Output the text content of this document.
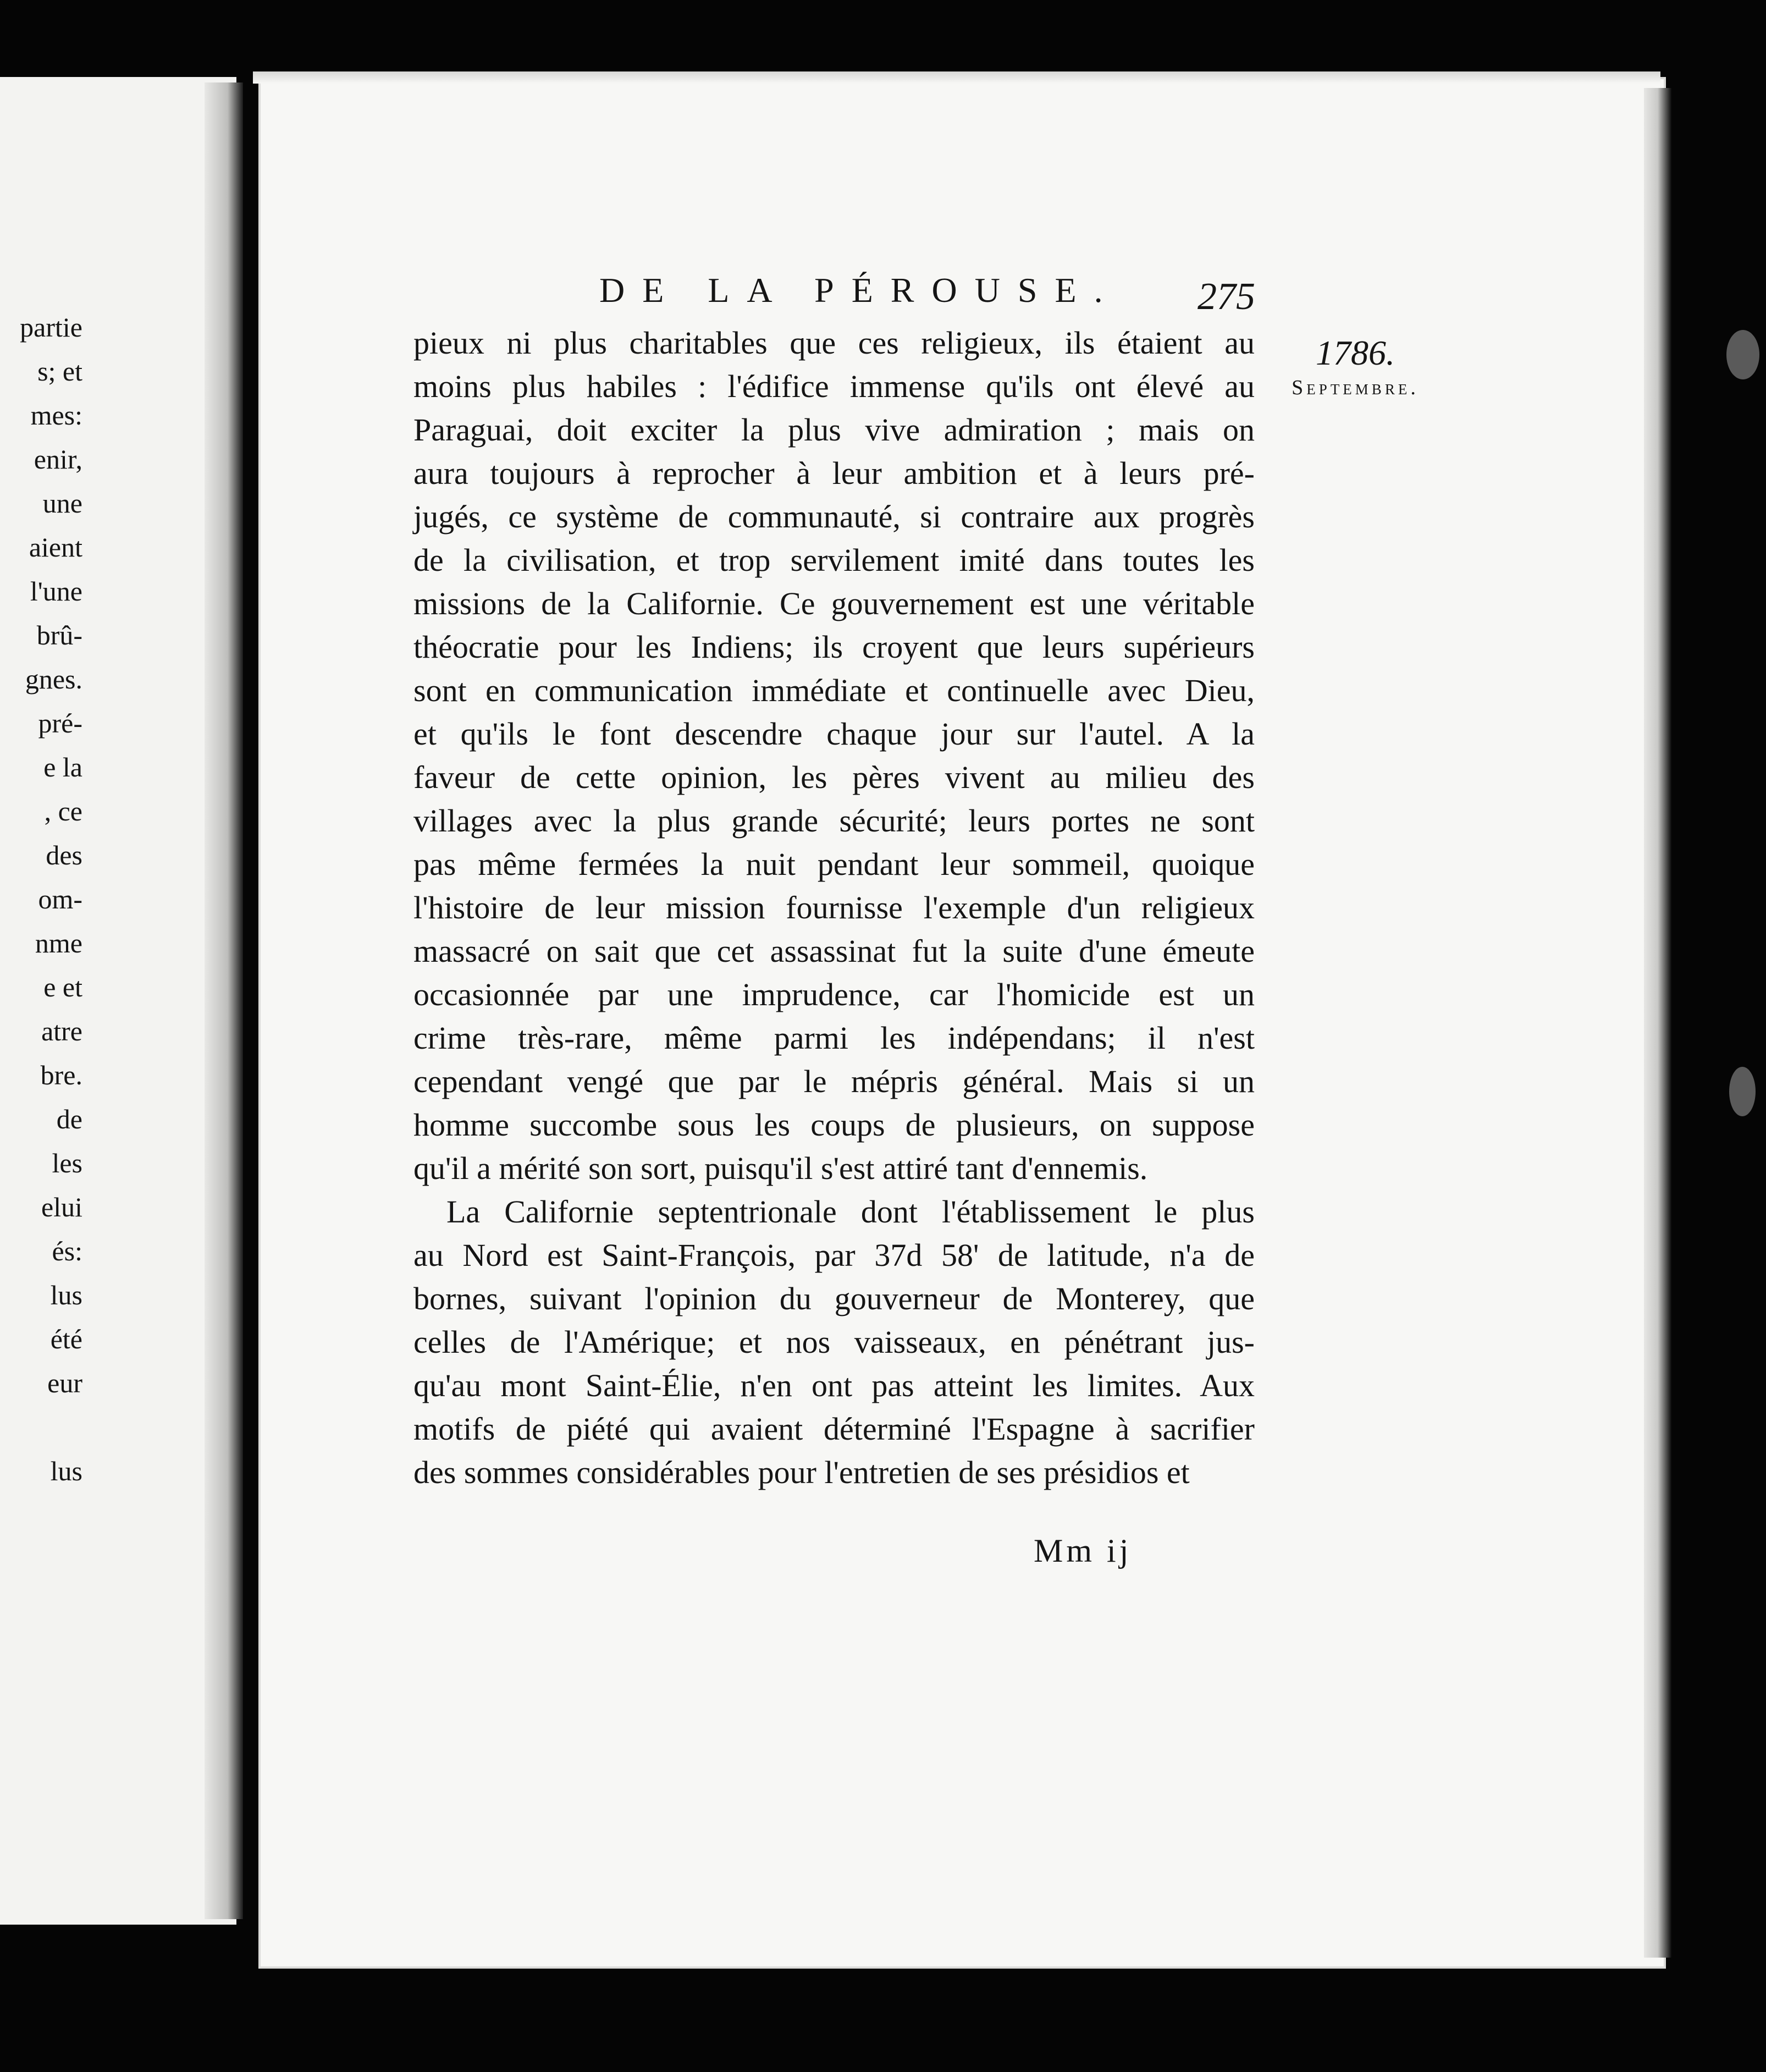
partie
s; et
mes:
enir,
une
aient
l'une
brû-
gnes.
pré-
e la
, ce
des
om-
nme
e et
atre
bre.
de
les
elui
és:
lus
été
eur
lus
DE LA PÉROUSE. 275
1786.
Septembre.
pieux ni plus charitables que ces religieux, ils étaient au
moins plus habiles : l'édifice immense qu'ils ont élevé au
Paraguai, doit exciter la plus vive admiration ; mais on
aura toujours à reprocher à leur ambition et à leurs pré-
jugés, ce système de communauté, si contraire aux progrès
de la civilisation, et trop servilement imité dans toutes les
missions de la Californie. Ce gouvernement est une véritable
théocratie pour les Indiens; ils croyent que leurs supérieurs
sont en communication immédiate et continuelle avec Dieu,
et qu'ils le font descendre chaque jour sur l'autel. A la
faveur de cette opinion, les pères vivent au milieu des
villages avec la plus grande sécurité; leurs portes ne sont
pas même fermées la nuit pendant leur sommeil, quoique
l'histoire de leur mission fournisse l'exemple d'un religieux
massacré on sait que cet assassinat fut la suite d'une émeute
occasionnée par une imprudence, car l'homicide est un
crime très-rare, même parmi les indépendans; il n'est
cependant vengé que par le mépris général. Mais si un
homme succombe sous les coups de plusieurs, on suppose
qu'il a mérité son sort, puisqu'il s'est attiré tant d'ennemis.
La Californie septentrionale dont l'établissement le plus
au Nord est Saint-François, par 37d 58' de latitude, n'a de
bornes, suivant l'opinion du gouverneur de Monterey, que
celles de l'Amérique; et nos vaisseaux, en pénétrant jus-
qu'au mont Saint-Élie, n'en ont pas atteint les limites. Aux
motifs de piété qui avaient déterminé l'Espagne à sacrifier
des sommes considérables pour l'entretien de ses présidios et
Mm ij
